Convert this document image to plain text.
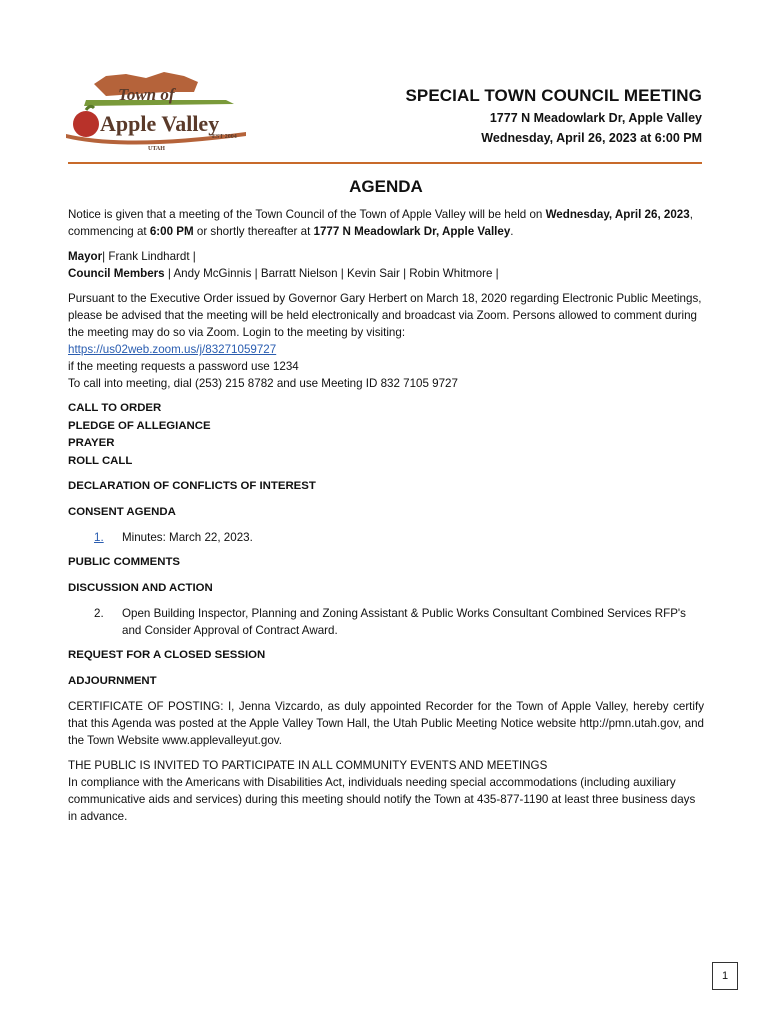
Town of
Apple Valley
EST 2004
UTAH
SPECIAL TOWN COUNCIL MEETING
1777 N Meadowlark Dr, Apple Valley
Wednesday, April 26, 2023 at 6:00 PM
AGENDA

Notice is given that a meeting of the Town Council of the Town of Apple Valley will be held on Wednesday, April 26, 2023, commencing at 6:00 PM or shortly thereafter at 1777 N Meadowlark Dr, Apple Valley.

Mayor| Frank Lindhardt |
Council Members | Andy McGinnis | Barratt Nielson | Kevin Sair | Robin Whitmore |

Pursuant to the Executive Order issued by Governor Gary Herbert on March 18, 2020 regarding Electronic Public Meetings, please be advised that the meeting will be held electronically and broadcast via Zoom. Persons allowed to comment during the meeting may do so via Zoom. Login to the meeting by visiting:
https://us02web.zoom.us/j/83271059727
if the meeting requests a password use 1234
To call into meeting, dial (253) 215 8782 and use Meeting ID 832 7105 9727

CALL TO ORDER
PLEDGE OF ALLEGIANCE
PRAYER
ROLL CALL
DECLARATION OF CONFLICTS OF INTEREST
CONSENT AGENDA
1.	Minutes: March 22, 2023.
PUBLIC COMMENTS
DISCUSSION AND ACTION
2.	Open Building Inspector, Planning and Zoning Assistant & Public Works Consultant Combined Services RFP's and Consider Approval of Contract Award.
REQUEST FOR A CLOSED SESSION
ADJOURNMENT

CERTIFICATE OF POSTING: I, Jenna Vizcardo, as duly appointed Recorder for the Town of Apple Valley, hereby certify that this Agenda was posted at the Apple Valley Town Hall, the Utah Public Meeting Notice website http://pmn.utah.gov, and the Town Website www.applevalleyut.gov.

THE PUBLIC IS INVITED TO PARTICIPATE IN ALL COMMUNITY EVENTS AND MEETINGS
In compliance with the Americans with Disabilities Act, individuals needing special accommodations (including auxiliary communicative aids and services) during this meeting should notify the Town at 435-877-1190 at least three business days in advance.

1
